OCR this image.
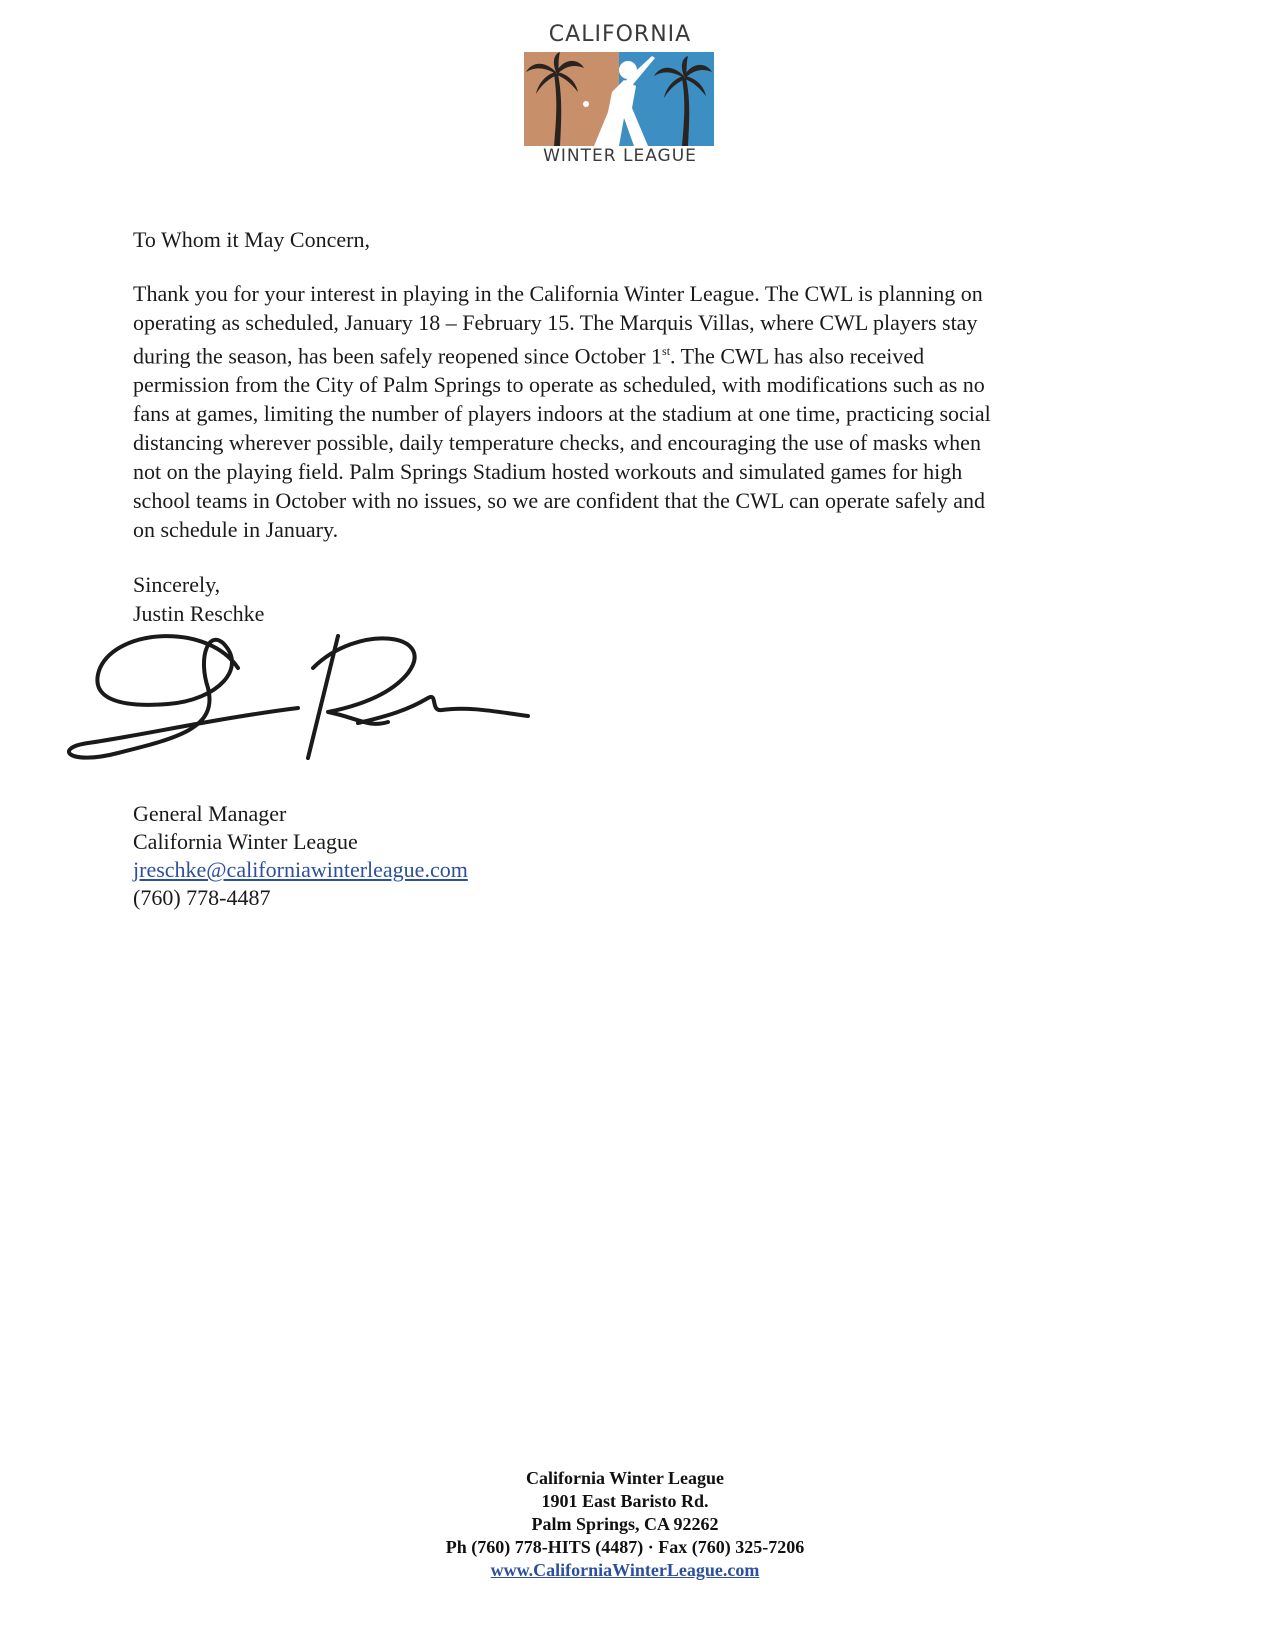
CALIFORNIA
WINTER LEAGUE
To Whom it May Concern,
Thank you for your interest in playing in the California Winter League. The CWL is planning on
operating as scheduled, January 18 – February 15. The Marquis Villas, where CWL players stay
during the season, has been safely reopened since October 1st. The CWL has also received
permission from the City of Palm Springs to operate as scheduled, with modifications such as no
fans at games, limiting the number of players indoors at the stadium at one time, practicing social
distancing wherever possible, daily temperature checks, and encouraging the use of masks when
not on the playing field. Palm Springs Stadium hosted workouts and simulated games for high
school teams in October with no issues, so we are confident that the CWL can operate safely and
on schedule in January.
Sincerely,
Justin Reschke
General Manager
California Winter League
jreschke@californiawinterleague.com
(760) 778-4487
California Winter League
1901 East Baristo Rd.
Palm Springs, CA 92262
Ph (760) 778-HITS (4487) · Fax (760) 325-7206
www.CaliforniaWinterLeague.com
